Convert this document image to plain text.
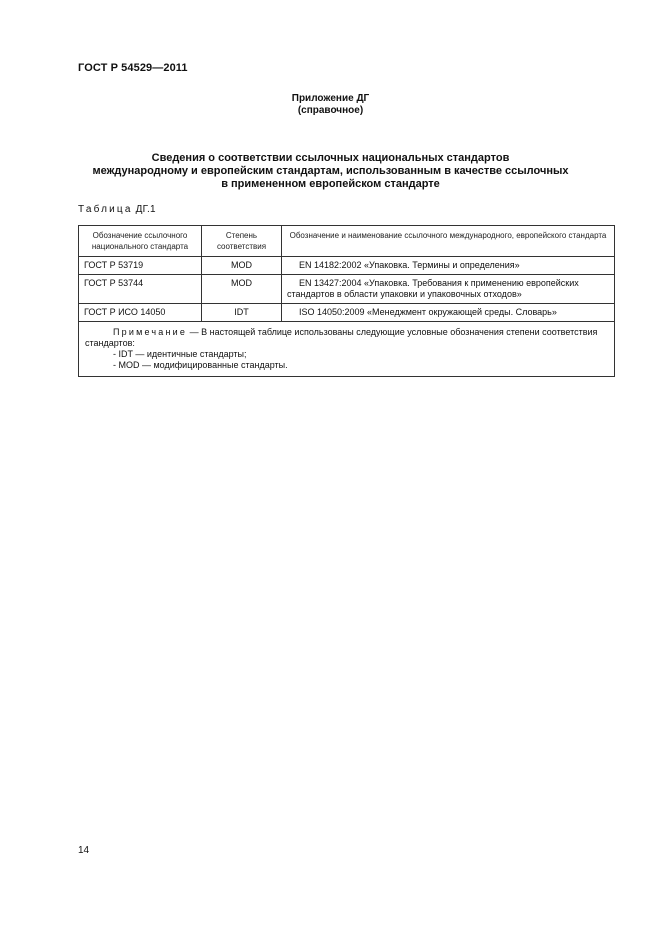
ГОСТ Р 54529—2011
Приложение ДГ
(справочное)
Сведения о соответствии ссылочных национальных стандартов
международному и европейским стандартам, использованным в качестве ссылочных
в примененном европейском стандарте
Таблица ДГ.1
Обозначение ссылочного национального стандарта	Степень соответствия	Обозначение и наименование ссылочного международного, европейского стандарта
ГОСТ Р 53719	MOD	EN 14182:2002 «Упаковка. Термины и определения»
ГОСТ Р 53744	MOD	EN 13427:2004 «Упаковка. Требования к применению европейских стандартов в области упаковки и упаковочных отходов»
ГОСТ Р ИСО 14050	IDT	ISO 14050:2009 «Менеджмент окружающей среды. Словарь»

Примечание — В настоящей таблице использованы следующие условные обозначения степени соответствия стандартов:
- IDT — идентичные стандарты;
- MOD — модифицированные стандарты.		
14
